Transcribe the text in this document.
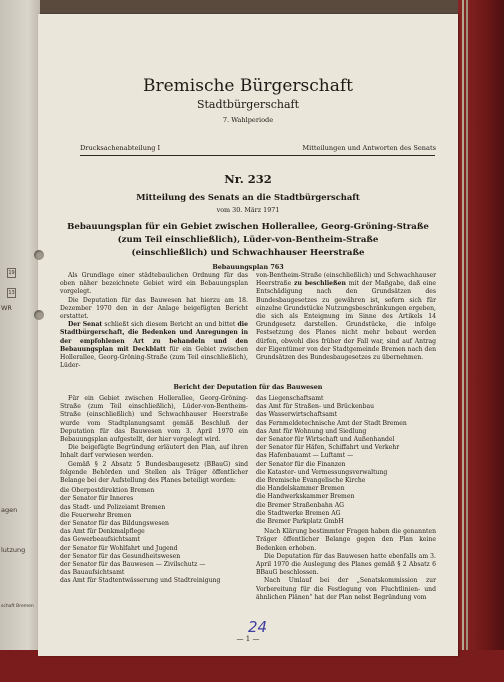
19
13
WR
agen
lutzung
schaft Bremen
Bremische Bürgerschaft
Stadtbürgerschaft
7. Wahlperiode
Drucksachenabteilung I	Mitteilungen und Antworten des Senats
Nr. 232
Mitteilung des Senats an die Stadtbürgerschaft
vom 30. März 1971
Bebauungsplan für ein Gebiet zwischen Hollerallee, Georg-Gröning-Straße
(zum Teil einschließlich), Lüder-von-Bentheim-Straße
(einschließlich) und Schwachhauser Heerstraße
Bebauungsplan 763

Als Grundlage einer städtebaulichen Ordnung für das oben näher bezeichnete Gebiet wird ein Bebauungsplan vorgelegt.

Die Deputation für das Bauwesen hat hierzu am 18. Dezember 1970 den in der Anlage beigefügten Bericht erstattet.

Der Senat schließt sich diesem Bericht an und bittet die Stadtbürgerschaft, die Bedenken und Anregungen in der empfohlenen Art zu behandeln und den Bebauungsplan mit Deckblatt für ein Gebiet zwischen Hollerallee, Georg-Gröning-Straße (zum Teil einschließlich), Lüder-

von-Bentheim-Straße (einschließlich) und Schwachhauser Heerstraße zu beschließen mit der Maßgabe, daß eine Entschädigung nach den Grundsätzen des Bundesbaugesetzes zu gewähren ist, sofern sich für einzelne Grundstücke Nutzungsbeschränkungen ergeben, die sich als Enteignung im Sinne des Artikels 14 Grundgesetz darstellen. Grundstücke, die infolge Festsetzung des Planes nicht mehr bebaut werden dürfen, obwohl dies früher der Fall war, sind auf Antrag der Eigentümer von der Stadtgemeinde Bremen nach den Grundsätzen des Bundesbaugesetzes zu übernehmen.

Bericht der Deputation für das Bauwesen

Für ein Gebiet zwischen Hollerallee, Georg-Gröning-Straße (zum Teil einschließlich), Lüder-von-Bentheim-Straße (einschließlich) und Schwachhauser Heerstraße wurde vom Stadtplanungsamt gemäß Beschluß der Deputation für das Bauwesen vom 3. April 1970 ein Bebauungsplan aufgestellt, der hier vorgelegt wird.

Die beigefügte Begründung erläutert den Plan, auf ihren Inhalt darf verwiesen werden.

Gemäß § 2 Absatz 5 Bundesbaugesetz (BBauG) sind folgende Behörden und Stellen als Träger öffentlicher Belange bei der Aufstellung des Planes beteiligt worden:

die Oberpostdirektion Bremen
der Senator für Inneres
das Stadt- und Polizeiamt Bremen
die Feuerwehr Bremen
der Senator für das Bildungswesen
das Amt für Denkmalpflege
das Gewerbeaufsichtsamt
der Senator für Wohlfahrt und Jugend
der Senator für das Gesundheitswesen
der Senator für das Bauwesen — Zivilschutz —
das Bauaufsichtsamt
das Amt für Stadtentwässerung und Stadtreinigung
das Liegenschaftsamt
das Amt für Straßen- und Brückenbau
das Wasserwirtschaftsamt
das Fernmeldetechnische Amt der Stadt Bremen
das Amt für Wohnung und Siedlung
der Senator für Wirtschaft und Außenhandel
der Senator für Häfen, Schiffahrt und Verkehr
das Hafenbauamt — Luftamt —
der Senator für die Finanzen
die Kataster- und Vermessungsverwaltung
die Bremische Evangelische Kirche
die Handelskammer Bremen
die Handwerkskammer Bremen
die Bremer Straßenbahn AG
die Stadtwerke Bremen AG
die Bremer Parkplatz GmbH

Nach Klärung bestimmter Fragen haben die genannten Träger öffentlicher Belange gegen den Plan keine Bedenken erhoben.

Die Deputation für das Bauwesen hatte ebenfalls am 3. April 1970 die Auslegung des Planes gemäß § 2 Absatz 6 BBauG beschlossen.

Nach Umlauf bei der „Senatskommission zur Vorbereitung für die Festlegung von Fluchtlinien- und ähnlichen Plänen“ hat der Plan nebst Begründung vom

— 1 —
24
